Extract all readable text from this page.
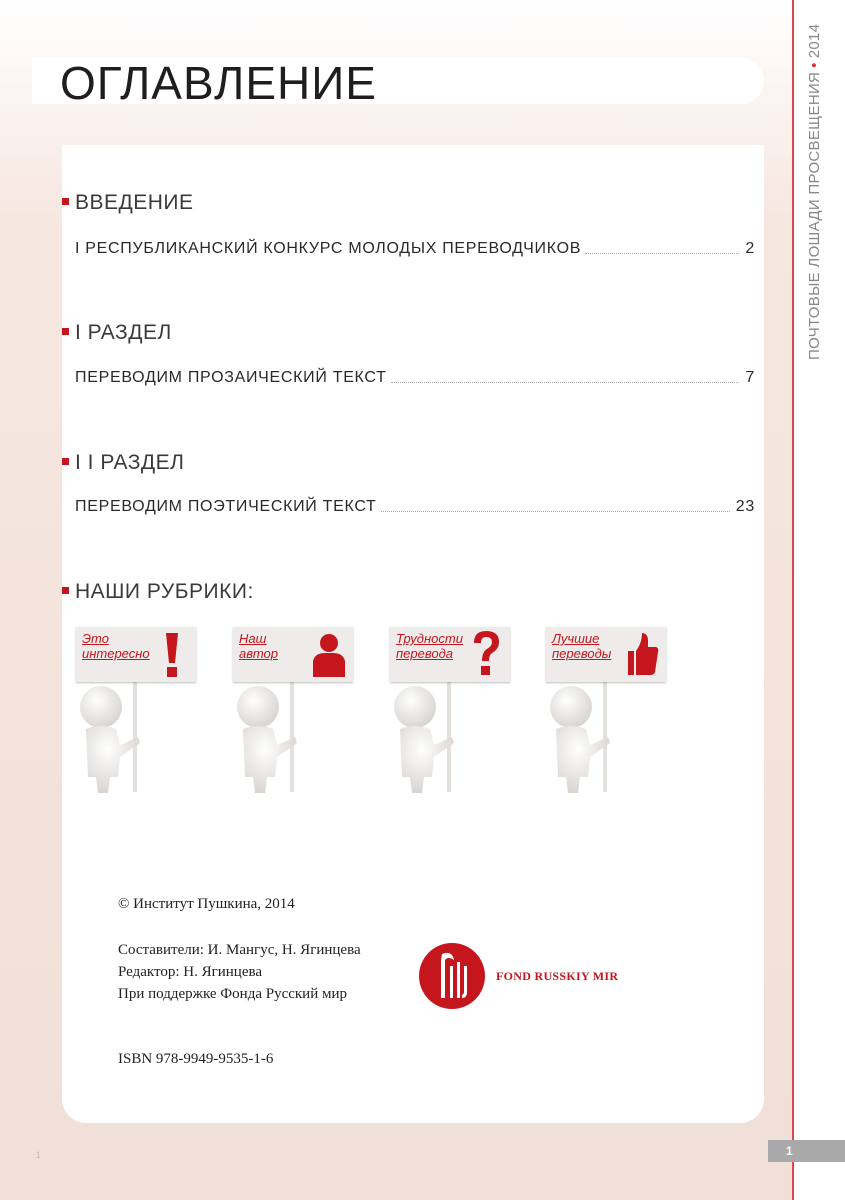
ПОЧТОВЫЕ ЛОШАДИ ПРОСВЕЩЕНИЯ•2014
ОГЛАВЛЕНИЕ
ВВЕДЕНИЕ
I РЕСПУБЛИКАНСКИЙ КОНКУРС МОЛОДЫХ ПЕРЕВОДЧИКОВ	2
I РАЗДЕЛ
ПЕРЕВОДИМ ПРОЗАИЧЕСКИЙ ТЕКСТ	7
I I РАЗДЕЛ
ПЕРЕВОДИМ ПОЭТИЧЕСКИЙ ТЕКСТ	23
НАШИ РУБРИКИ:
Это
интересно
Наш
автор
Трудности
перевода
Лучшие
переводы
© Институт Пушкина, 2014
Составители: И. Мангус, Н. Ягинцева
Редактор: Н. Ягинцева
При поддержке Фонда Русский мир
ISBN 978-9949-9535-1-6
FOND RUSSKIY MIR
1	1
